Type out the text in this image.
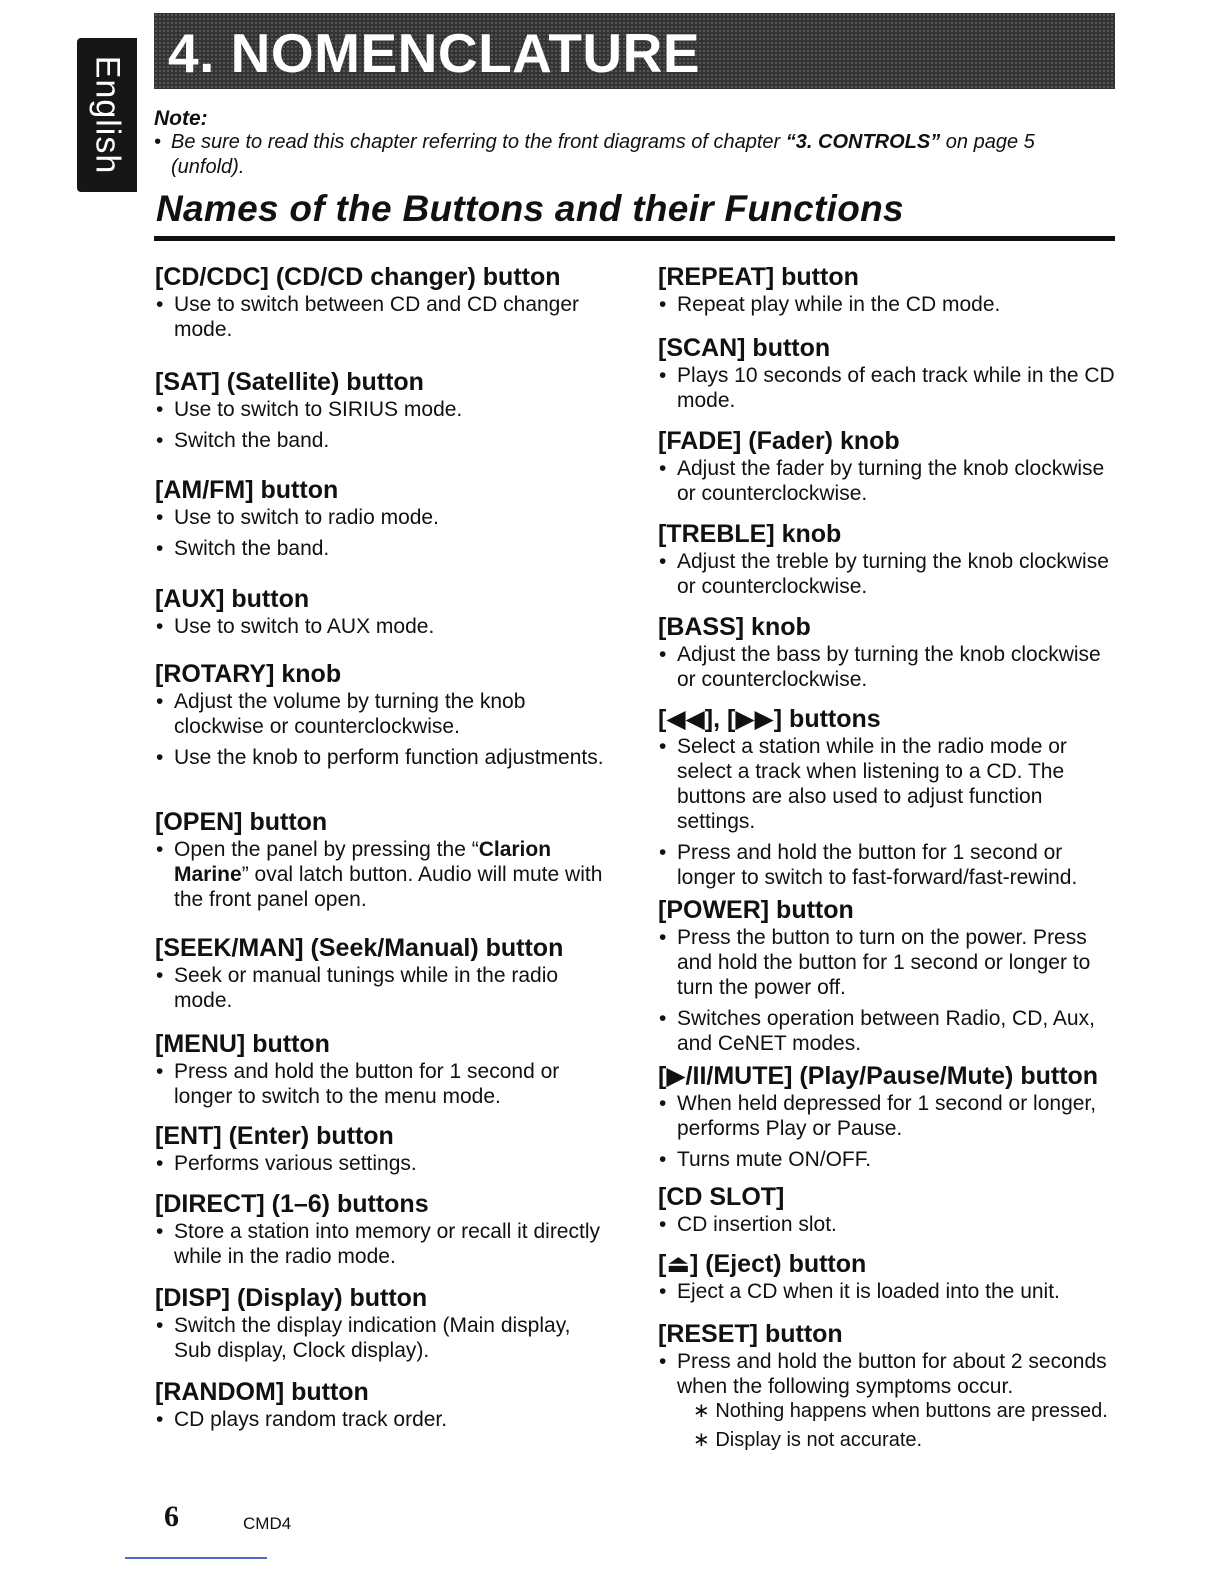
English
4. NOMENCLATURE
Note:
• Be sure to read this chapter referring to the front diagrams of chapter “3. CONTROLS” on page 5 (unfold).
Names of the Buttons and their Functions
[CD/CDC] (CD/CD changer) button
• Use to switch between CD and CD changer mode.
[SAT] (Satellite) button
• Use to switch to SIRIUS mode.
• Switch the band.
[AM/FM] button
• Use to switch to radio mode.
• Switch the band.
[AUX] button
• Use to switch to AUX mode.
[ROTARY] knob
• Adjust the volume by turning the knob clockwise or counterclockwise.
• Use the knob to perform function adjustments.
[OPEN] button
• Open the panel by pressing the “Clarion Marine” oval latch button. Audio will mute with the front panel open.
[SEEK/MAN] (Seek/Manual) button
• Seek or manual tunings while in the radio mode.
[MENU] button
• Press and hold the button for 1 second or longer to switch to the menu mode.
[ENT] (Enter) button
• Performs various settings.
[DIRECT] (1–6) buttons
• Store a station into memory or recall it directly while in the radio mode.
[DISP] (Display) button
• Switch the display indication (Main display, Sub display, Clock display).
[RANDOM] button
• CD plays random track order.
[REPEAT] button
• Repeat play while in the CD mode.
[SCAN] button
• Plays 10 seconds of each track while in the CD mode.
[FADE] (Fader) knob
• Adjust the fader by turning the knob clockwise or counterclockwise.
[TREBLE] knob
• Adjust the treble by turning the knob clockwise or counterclockwise.
[BASS] knob
• Adjust the bass by turning the knob clockwise or counterclockwise.
[◀◀], [▶▶] buttons
• Select a station while in the radio mode or select a track when listening to a CD. The buttons are also used to adjust function settings.
• Press and hold the button for 1 second or longer to switch to fast-forward/fast-rewind.
[POWER] button
• Press the button to turn on the power. Press and hold the button for 1 second or longer to turn the power off.
• Switches operation between Radio, CD, Aux, and CeNET modes.
[▶/II/MUTE] (Play/Pause/Mute) button
• When held depressed for 1 second or longer, performs Play or Pause.
• Turns mute ON/OFF.
[CD SLOT]
• CD insertion slot.
[⏏] (Eject) button
• Eject a CD when it is loaded into the unit.
[RESET] button
• Press and hold the button for about 2 seconds when the following symptoms occur.
∗ Nothing happens when buttons are pressed.
∗ Display is not accurate.
6	CMD4
